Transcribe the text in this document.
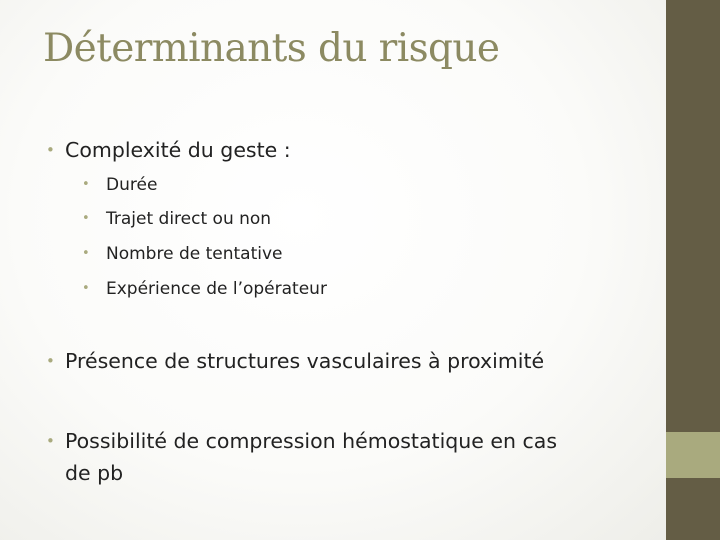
Déterminants du risque
• Complexité du geste :
• Durée
• Trajet direct ou non
• Nombre de tentative
• Expérience de l’opérateur
• Présence de structures vasculaires à proximité
• Possibilité de compression hémostatique en cas
de pb
